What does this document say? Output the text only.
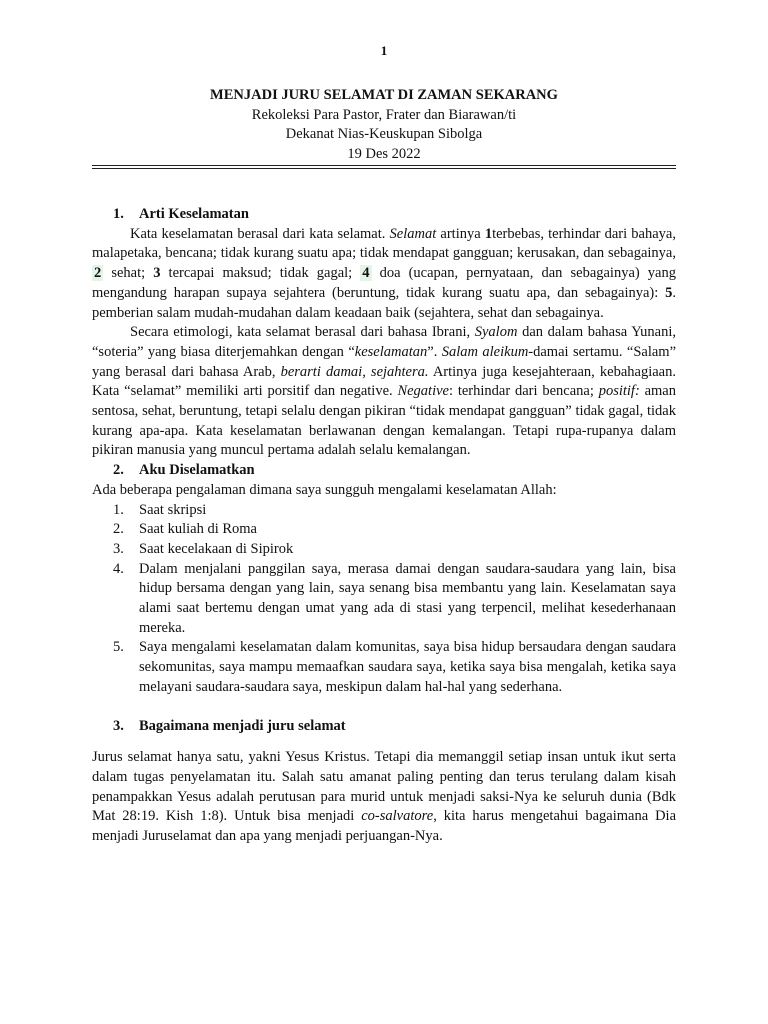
1
MENJADI JURU SELAMAT DI ZAMAN SEKARANG
Rekoleksi Para Pastor, Frater dan Biarawan/ti
Dekanat Nias-Keuskupan Sibolga
19 Des 2022
1. Arti Keselamatan

Kata keselamatan berasal dari kata selamat. Selamat artinya 1terbebas, terhindar dari bahaya, malapetaka, bencana; tidak kurang suatu apa; tidak mendapat gangguan; kerusakan, dan sebagainya, 2 sehat; 3 tercapai maksud; tidak gagal; 4 doa (ucapan, pernyataan, dan sebagainya) yang mengandung harapan supaya sejahtera (beruntung, tidak kurang suatu apa, dan sebagainya): 5. pemberian salam mudah-mudahan dalam keadaan baik (sejahtera, sehat dan sebagainya.

Secara etimologi, kata selamat berasal dari bahasa Ibrani, Syalom dan dalam bahasa Yunani, “soteria” yang biasa diterjemahkan dengan “keselamatan”. Salam aleikum-damai sertamu. “Salam” yang berasal dari bahasa Arab, berarti damai, sejahtera. Artinya juga kesejahteraan, kebahagiaan. Kata “selamat” memiliki arti porsitif dan negative. Negative: terhindar dari bencana; positif: aman sentosa, sehat, beruntung, tetapi selalu dengan pikiran “tidak mendapat gangguan” tidak gagal, tidak kurang apa-apa. Kata keselamatan berlawanan dengan kemalangan. Tetapi rupa-rupanya dalam pikiran manusia yang muncul pertama adalah selalu kemalangan.

2. Aku Diselamatkan

Ada beberapa pengalaman dimana saya sungguh mengalami keselamatan Allah:

1. Saat skripsi
2. Saat kuliah di Roma
3. Saat kecelakaan di Sipirok
4. Dalam menjalani panggilan saya, merasa damai dengan saudara-saudara yang lain, bisa hidup bersama dengan yang lain, saya senang bisa membantu yang lain. Keselamatan saya alami saat bertemu dengan umat yang ada di stasi yang terpencil, melihat kesederhanaan mereka.
5. Saya mengalami keselamatan dalam komunitas, saya bisa hidup bersaudara dengan saudara sekomunitas, saya mampu memaafkan saudara saya, ketika saya bisa mengalah, ketika saya melayani saudara-saudara saya, meskipun dalam hal-hal yang sederhana.
3. Bagaimana menjadi juru selamat

Jurus selamat hanya satu, yakni Yesus Kristus. Tetapi dia memanggil setiap insan untuk ikut serta dalam tugas penyelamatan itu. Salah satu amanat paling penting dan terus terulang dalam kisah penampakkan Yesus adalah perutusan para murid untuk menjadi saksi-Nya ke seluruh dunia (Bdk Mat 28:19. Kish 1:8). Untuk bisa menjadi co-salvatore, kita harus mengetahui bagaimana Dia menjadi Juruselamat dan apa yang menjadi perjuangan-Nya.
